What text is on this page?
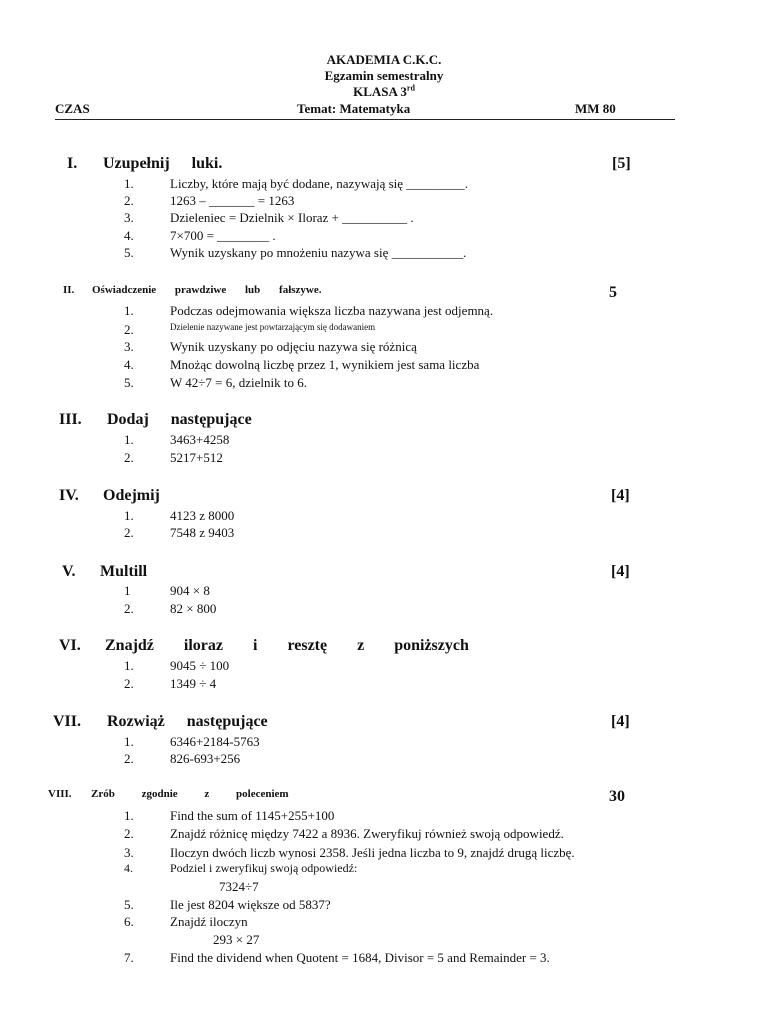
AKADEMIA C.K.C.
Egzamin semestralny
KLASA 3rd
CZAS	Temat: Matematyka	MM 80
I. Uzupełnij luki.	[5]
1.	Liczby, które mają być dodane, nazywają się _________.
2.	1263 – _______ = 1263
3.	Dzieleniec = Dzielnik × Iloraz + __________ .
4.	7×700 = ________ .
5.	Wynik uzyskany po mnożeniu nazywa się ___________.
II. Oświadczenie prawdziwe lub fałszywe.	5
1.	Podczas odejmowania większa liczba nazywana jest odjemną.
2.	Dzielenie nazywane jest powtarzającym się dodawaniem
3.	Wynik uzyskany po odjęciu nazywa się różnicą
4.	Mnożąc dowolną liczbę przez 1, wynikiem jest sama liczba
5.	W 42÷7 = 6, dzielnik to 6.
III. Dodaj następujące
1.	3463+4258
2.	5217+512
IV. Odejmij	[4]
1.	4123 z 8000
2.	7548 z 9403
V. Multill	[4]
1	904 × 8
2.	82 × 800
VI. Znajdź iloraz i resztę z poniższych
1.	9045 ÷ 100
2.	1349 ÷ 4
VII. Rozwiąż następujące	[4]
1.	6346+2184-5763
2.	826-693+256
VIII. Zrób zgodnie z poleceniem	30
1.	Find the sum of 1145+255+100
2.	Znajdź różnicę między 7422 a 8936. Zweryfikuj również swoją odpowiedź.
3.	Iloczyn dwóch liczb wynosi 2358. Jeśli jedna liczba to 9, znajdź drugą liczbę.
4.	Podziel i zweryfikuj swoją odpowiedź:
7324÷7
5.	Ile jest 8204 większe od 5837?
6.	Znajdź iloczyn
293 × 27
7.	Find the dividend when Quotent = 1684, Divisor = 5 and Remainder = 3.
